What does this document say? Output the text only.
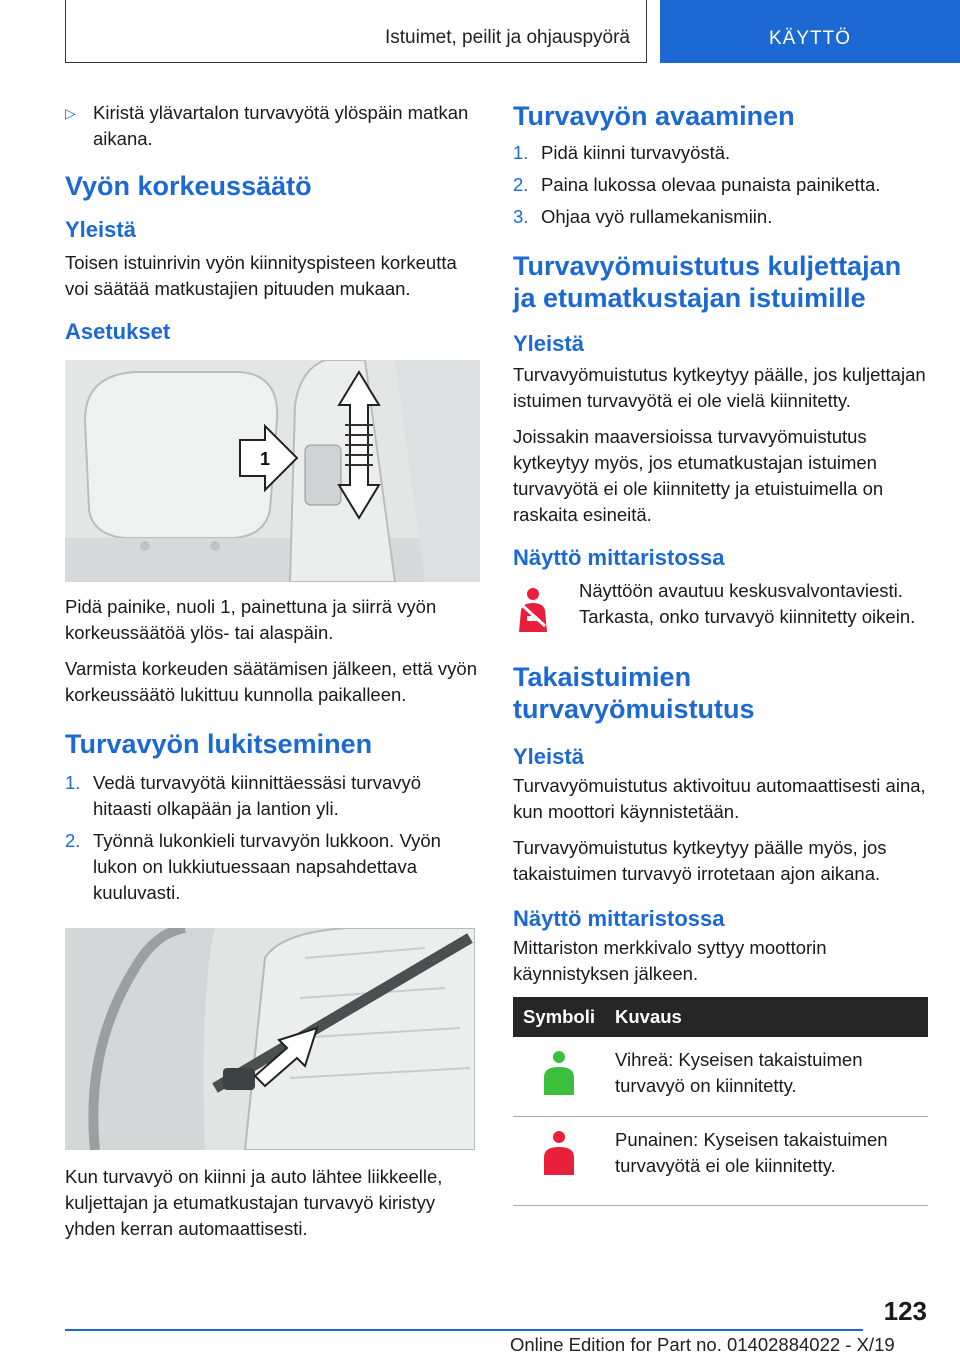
Istuimet, peilit ja ohjauspyörä	KÄYTTÖ
▷ Kiristä ylävartalon turvavyötä ylöspäin matkan aikana.
Vyön korkeussäätö
Yleistä

Toisen istuinrivin vyön kiinnityspisteen korkeutta voi säätää matkustajien pituuden mukaan.

Asetukset
1

Pidä painike, nuoli 1, painettuna ja siirrä vyön korkeussäätöä ylös- tai alaspäin.

Varmista korkeuden säätämisen jälkeen, että vyön korkeussäätö lukittuu kunnolla paikalleen.

Turvavyön lukitseminen
1. Vedä turvavyötä kiinnittäessäsi turvavyö hitaasti olkapään ja lantion yli.
2. Työnnä lukonkieli turvavyön lukkoon. Vyön lukon on lukkiutuessaan napsahdettava kuuluvasti.

Kun turvavyö on kiinni ja auto lähtee liikkeelle, kuljettajan ja etumatkustajan turvavyö kiristyy yhden kerran automaattisesti.

Turvavyön avaaminen
1. Pidä kiinni turvavyöstä.
2. Paina lukossa olevaa punaista painiketta.
3. Ohjaa vyö rullamekanismiin.
Turvavyömuistutus kuljettajan ja etumatkustajan istuimille
Yleistä

Turvavyömuistutus kytkeytyy päälle, jos kuljettajan istuimen turvavyötä ei ole vielä kiinnitetty.

Joissakin maaversioissa turvavyömuistutus kytkeytyy myös, jos etumatkustajan istuimen turvavyötä ei ole kiinnitetty ja etuistuimella on raskaita esineitä.

Näyttö mittaristossa

Näyttöön avautuu keskusvalvontaviesti. Tarkasta, onko turvavyö kiinnitetty oikein.

Takaistuimien turvavyömuistutus
Yleistä

Turvavyömuistutus aktivoituu automaattisesti aina, kun moottori käynnistetään.

Turvavyömuistutus kytkeytyy päälle myös, jos takaistuimen turvavyö irrotetaan ajon aikana.

Näyttö mittaristossa

Mittariston merkkivalo syttyy moottorin käynnistyksen jälkeen.

Symboli	Kuvaus
	Vihreä: Kyseisen takaistuimen turvavyö on kiinnitetty.
	Punainen: Kyseisen takaistuimen turvavyötä ei ole kiinnitetty.
123
Online Edition for Part no. 01402884022 - X/19
